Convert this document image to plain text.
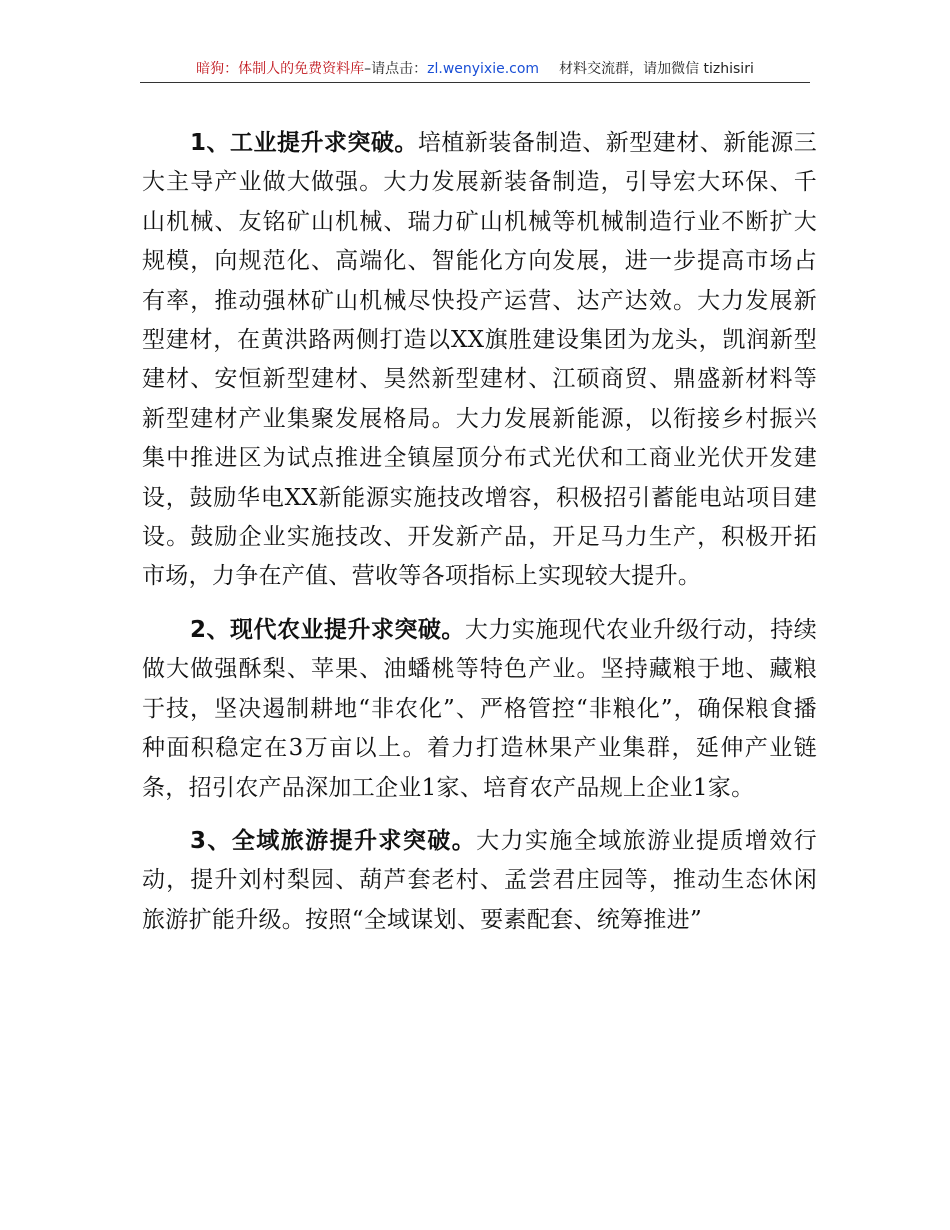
暗狗：体制人的免费资料库–请点击：zl.wenyixie.com 材料交流群，请加微信 tizhisiri

1、工业提升求突破。培植新装备制造、新型建材、新能源三大主导产业做大做强。大力发展新装备制造，引导宏大环保、千山机械、友铭矿山机械、瑞力矿山机械等机械制造行业不断扩大规模，向规范化、高端化、智能化方向发展，进一步提高市场占有率，推动强林矿山机械尽快投产运营、达产达效。大力发展新型建材，在黄洪路两侧打造以XX旗胜建设集团为龙头，凯润新型建材、安恒新型建材、昊然新型建材、江硕商贸、鼎盛新材料等新型建材产业集聚发展格局。大力发展新能源，以衔接乡村振兴集中推进区为试点推进全镇屋顶分布式光伏和工商业光伏开发建设，鼓励华电XX新能源实施技改增容，积极招引蓄能电站项目建设。鼓励企业实施技改、开发新产品，开足马力生产，积极开拓市场，力争在产值、营收等各项指标上实现较大提升。

2、现代农业提升求突破。大力实施现代农业升级行动，持续做大做强酥梨、苹果、油蟠桃等特色产业。坚持藏粮于地、藏粮于技，坚决遏制耕地“非农化”、严格管控“非粮化”，确保粮食播种面积稳定在3万亩以上。着力打造林果产业集群，延伸产业链条，招引农产品深加工企业1家、培育农产品规上企业1家。

3、全域旅游提升求突破。大力实施全域旅游业提质增效行动，提升刘村梨园、葫芦套老村、孟尝君庄园等，推动生态休闲旅游扩能升级。按照“全域谋划、要素配套、统筹推进”
